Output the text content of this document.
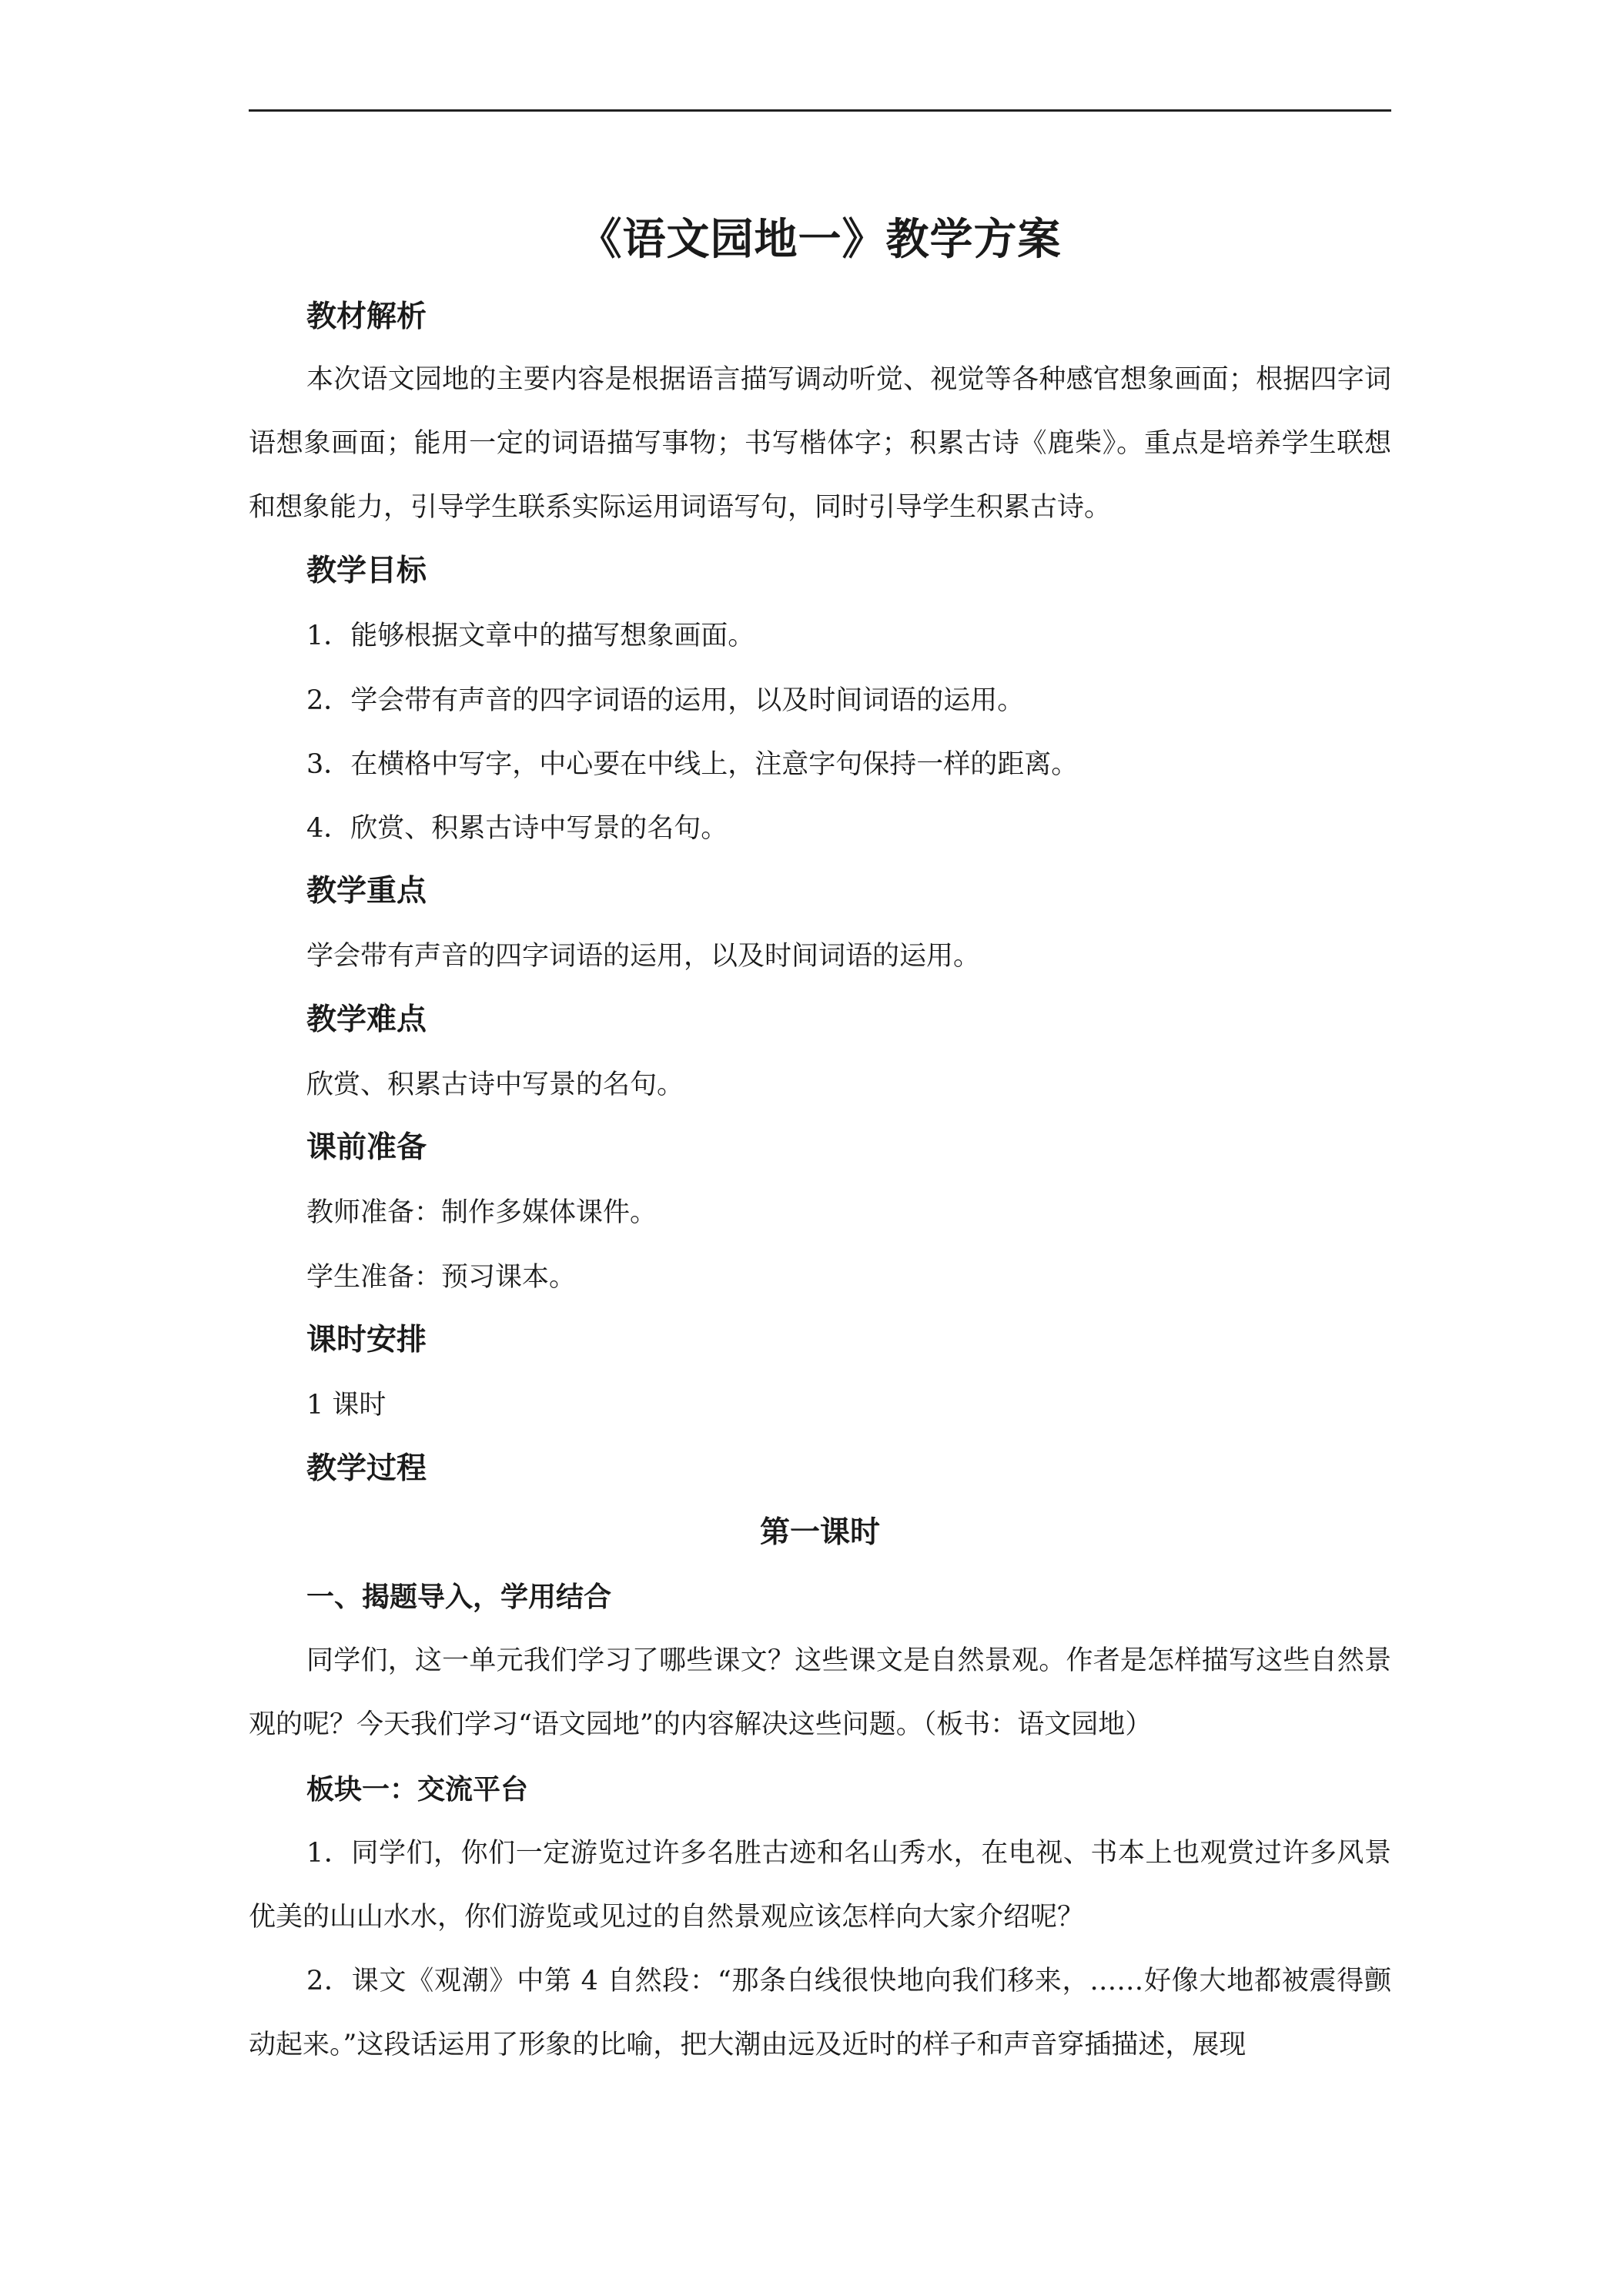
《语文园地一》教学方案
教材解析

本次语文园地的主要内容是根据语言描写调动听觉、视觉等各种感官想象画面；根据四字词语想象画面；能用一定的词语描写事物；书写楷体字；积累古诗《鹿柴》。重点是培养学生联想和想象能力，引导学生联系实际运用词语写句，同时引导学生积累古诗。

教学目标
1．能够根据文章中的描写想象画面。
2．学会带有声音的四字词语的运用，以及时间词语的运用。
3．在横格中写字，中心要在中线上，注意字句保持一样的距离。
4．欣赏、积累古诗中写景的名句。
教学重点
学会带有声音的四字词语的运用，以及时间词语的运用。
教学难点
欣赏、积累古诗中写景的名句。
课前准备
教师准备：制作多媒体课件。
学生准备：预习课本。
课时安排
1 课时
教学过程
第一课时
一、揭题导入，学用结合

同学们，这一单元我们学习了哪些课文？这些课文是自然景观。作者是怎样描写这些自然景观的呢？今天我们学习“语文园地”的内容解决这些问题。（板书：语文园地）

板块一：交流平台

1．同学们，你们一定游览过许多名胜古迹和名山秀水，在电视、书本上也观赏过许多风景优美的山山水水，你们游览或见过的自然景观应该怎样向大家介绍呢？

2．课文《观潮》中第 4 自然段：“那条白线很快地向我们移来，……好像大地都被震得颤动起来。”这段话运用了形象的比喻，把大潮由远及近时的样子和声音穿插描述，展现
